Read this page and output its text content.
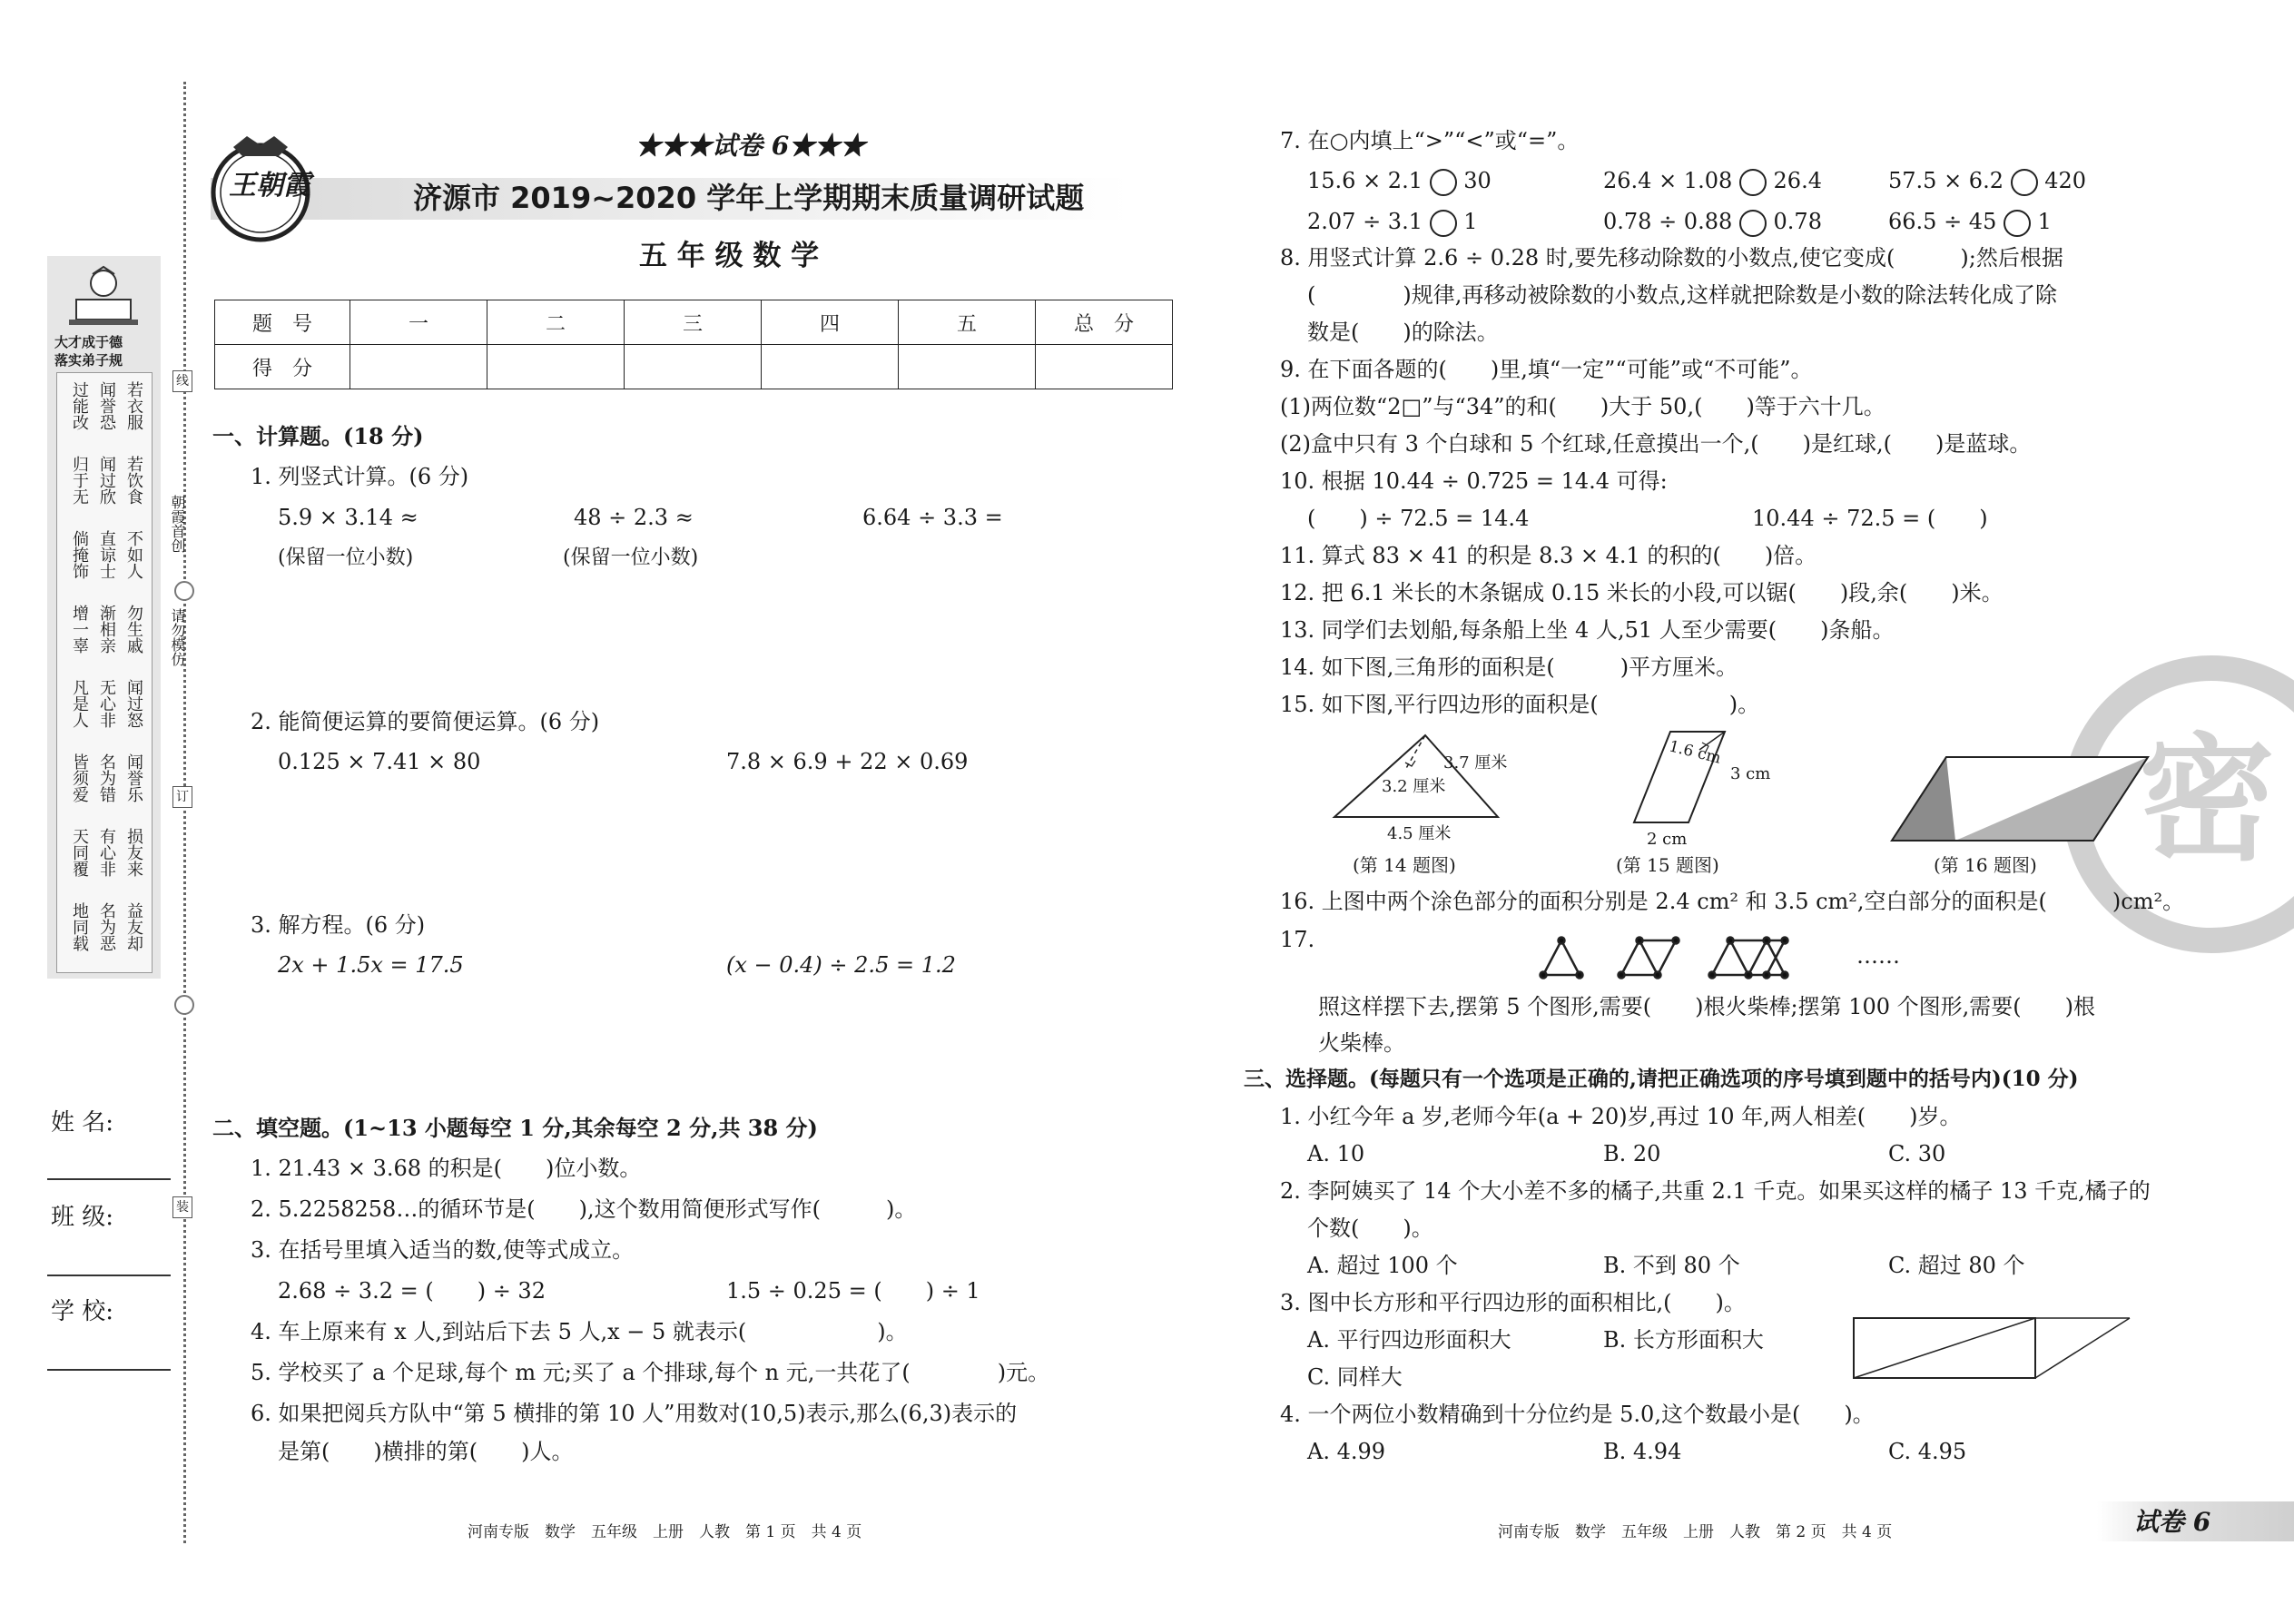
大才成于德
落实弟子规
若衣服
闻誉恐
过能改
若饮食
闻过欣
归于无
不如人
直谅士
倘掩饰
勿生戚
渐相亲
增一辜
闻过怒
无心非
凡是人
闻誉乐
名为错
皆须爱
损友来
有心非
天同覆
益友却
名为恶
地同载
朝霞首创
请勿模仿
线
订
装
姓 名:
班 级:
学 校:
王朝霞
★★★试卷 6★★★
济源市 2019~2020 学年上学期期末质量调研试题
五 年 级 数 学
题　号	一	二	三	四	五	总　分
得　分						
一、计算题。(18 分)
1. 列竖式计算。(6 分)
5.9 × 3.14 ≈	48 ÷ 2.3 ≈	6.64 ÷ 3.3 =
(保留一位小数)	(保留一位小数)
2. 能简便运算的要简便运算。(6 分)
0.125 × 7.41 × 80	7.8 × 6.9 + 22 × 0.69
3. 解方程。(6 分)
2x + 1.5x = 17.5	(x − 0.4) ÷ 2.5 = 1.2
二、填空题。(1~13 小题每空 1 分,其余每空 2 分,共 38 分)
1. 21.43 × 3.68 的积是(　　)位小数。
2. 5.2258258…的循环节是(　　),这个数用简便形式写作(　　　)。
3. 在括号里填入适当的数,使等式成立。
2.68 ÷ 3.2 = (　　) ÷ 32	1.5 ÷ 0.25 = (　　) ÷ 1
4. 车上原来有 x 人,到站后下去 5 人,x − 5 就表示(　　　　　　)。
5. 学校买了 a 个足球,每个 m 元;买了 a 个排球,每个 n 元,一共花了(　　　　)元。
6. 如果把阅兵方队中“第 5 横排的第 10 人”用数对(10,5)表示,那么(6,3)表示的
是第(　　)横排的第(　　)人。
河南专版　数学　五年级　上册　人教　第 1 页　共 4 页
密
7. 在○内填上“>”“<”或“=”。
15.6 × 2.1 30	26.4 × 1.08 26.4	57.5 × 6.2 420
2.07 ÷ 3.1 1	0.78 ÷ 0.88 0.78	66.5 ÷ 45 1
8. 用竖式计算 2.6 ÷ 0.28 时,要先移动除数的小数点,使它变成(　　　);然后根据
(　　　　)规律,再移动被除数的小数点,这样就把除数是小数的除法转化成了除
数是(　　)的除法。
9. 在下面各题的(　　)里,填“一定”“可能”或“不可能”。
(1)两位数“2□”与“34”的和(　　)大于 50,(　　)等于六十几。
(2)盒中只有 3 个白球和 5 个红球,任意摸出一个,(　　)是红球,(　　)是蓝球。
10. 根据 10.44 ÷ 0.725 = 14.4 可得:
(　　) ÷ 72.5 = 14.4	10.44 ÷ 72.5 = (　　)
11. 算式 83 × 41 的积是 8.3 × 4.1 的积的(　　)倍。
12. 把 6.1 米长的木条锯成 0.15 米长的小段,可以锯(　　)段,余(　　)米。
13. 同学们去划船,每条船上坐 4 人,51 人至少需要(　　)条船。
14. 如下图,三角形的面积是(　　　)平方厘米。
15. 如下图,平行四边形的面积是(　　　　　　)。
3.7 厘米
3.2 厘米
4.5 厘米
(第 14 题图)
1.6 cm
3 cm
2 cm
(第 15 题图)	(第 16 题图)
16. 上图中两个涂色部分的面积分别是 2.4 cm² 和 3.5 cm²,空白部分的面积是(　　　)cm²。
17.
……
照这样摆下去,摆第 5 个图形,需要(　　)根火柴棒;摆第 100 个图形,需要(　　)根
火柴棒。
三、选择题。(每题只有一个选项是正确的,请把正确选项的序号填到题中的括号内)(10 分)
1. 小红今年 a 岁,老师今年(a + 20)岁,再过 10 年,两人相差(　　)岁。
A. 10	B. 20	C. 30
2. 李阿姨买了 14 个大小差不多的橘子,共重 2.1 千克。如果买这样的橘子 13 千克,橘子的
个数(　　)。
A. 超过 100 个	B. 不到 80 个	C. 超过 80 个
3. 图中长方形和平行四边形的面积相比,(　　)。
A. 平行四边形面积大	B. 长方形面积大
C. 同样大
4. 一个两位小数精确到十分位约是 5.0,这个数最小是(　　)。
A. 4.99	B. 4.94	C. 4.95
河南专版　数学　五年级　上册　人教　第 2 页　共 4 页	试卷 6
